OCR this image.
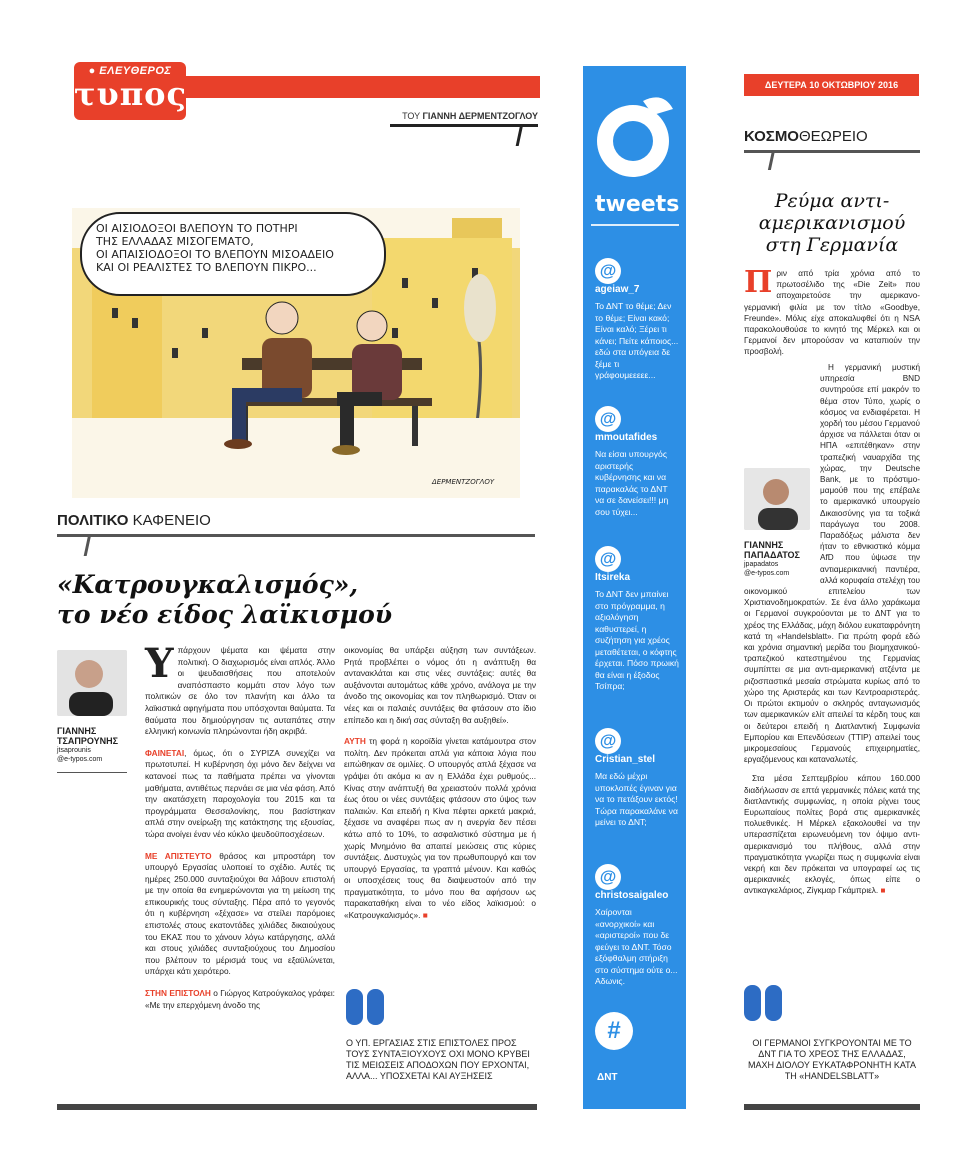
● ΕΛΕΥΘΕΡΟΣ
τυπος
ΤΟΥ ΓΙΑΝΝΗ ΔΕΡΜΕΝΤΖΟΓΛΟΥ
ΟΙ ΑΙΣΙΟΔΟΞΟΙ ΒΛΕΠΟΥΝ ΤΟ ΠΟΤΗΡΙ
ΤΗΣ ΕΛΛΑΔΑΣ ΜΙΣΟΓΕΜΑΤΟ,
ΟΙ ΑΠΑΙΣΙΟΔΟΞΟΙ ΤΟ ΒΛΕΠΟΥΝ ΜΙΣΟΑΔΕΙΟ
ΚΑΙ ΟΙ ΡΕΑΛΙΣΤΕΣ ΤΟ ΒΛΕΠΟΥΝ ΠΙΚΡΟ...
ΔΕΡΜΕΝΤΖΟΓΛΟΥ
ΠΟΛΙΤΙΚΟ ΚΑΦΕΝΕΙΟ
«Κατρουγκαλισμός»,
το νέο είδος λαϊκισμού
ΓΙΑΝΝΗΣ
ΤΣΑΠΡΟΥΝΗΣ
jtsaprounis
@e-typos.com
Υ πάρχουν ψέματα και ψέματα στην πολιτική. Ο διαχωρισμός είναι απλός. Άλλο οι ψευδαισθήσεις που αποτελούν αναπόσπαστο κομμάτι στον λόγο των πολιτικών σε όλο τον πλανήτη και άλλο τα λαϊκιστικά αφηγήματα που υπόσχονται θαύματα. Τα θαύματα που δημιούργησαν τις αυταπάτες στην ελληνική κοινωνία πληρώνονται ήδη ακριβά.

ΦΑΙΝΕΤΑΙ, όμως, ότι ο ΣΥΡΙΖΑ συνεχίζει να πρωτοτυπεί. Η κυβέρνηση όχι μόνο δεν δείχνει να κατανοεί πως τα παθήματα πρέπει να γίνονται μαθήματα, αντιθέτως περνάει σε μια νέα φάση. Από την ακατάσχετη παροχολογία του 2015 και τα προγράμματα Θεσσαλονίκης, που βασίστηκαν απλά στην ονείρωξη της κατάκτησης της εξουσίας, τώρα ανοίγει έναν νέο κύκλο ψευδοϋποσχέσεων.

ΜΕ ΑΠΙΣΤΕΥΤΟ θράσος και μπροστάρη τον υπουργό Εργασίας υλοποιεί το σχέδιο. Αυτές τις ημέρες 250.000 συνταξιούχοι θα λάβουν επιστολή με την οποία θα ενημερώνονται για τη μείωση της επικουρικής τους σύνταξης. Πέρα από το γεγονός ότι η κυβέρνηση «ξέχασε» να στείλει παρόμοιες επιστολές στους εκατοντάδες χιλιάδες δικαιούχους του ΕΚΑΣ που το χάνουν λόγω κατάργησης, αλλά και στους χιλιάδες συνταξιούχους του Δημοσίου που βλέπουν το μέρισμά τους να εξαϋλώνεται, υπάρχει κάτι χειρότερο.

ΣΤΗΝ ΕΠΙΣΤΟΛΗ ο Γιώργος Κατρούγκαλος γράφει: «Με την επερχόμενη άνοδο της

οικονομίας θα υπάρξει αύξηση των συντάξεων. Ρητά προβλέπει ο νόμος ότι η ανάπτυξη θα αντανακλάται και στις νέες συντάξεις: αυτές θα αυξάνονται αυτομάτως κάθε χρόνο, ανάλογα με την άνοδο της οικονομίας και τον πληθωρισμό. Όταν οι νέες και οι παλαιές συντάξεις θα φτάσουν στο ίδιο επίπεδο και η δική σας σύνταξη θα αυξηθεί».

ΑΥΤΗ τη φορά η κοροϊδία γίνεται κατάμουτρα στον πολίτη. Δεν πρόκειται απλά για κάποια λόγια που ειπώθηκαν σε ομιλίες. Ο υπουργός απλά ξέχασε να γράψει ότι ακόμα κι αν η Ελλάδα έχει ρυθμούς... Κίνας στην ανάπτυξή θα χρειαστούν πολλά χρόνια έως ότου οι νέες συντάξεις φτάσουν στο ύψος των παλαιών. Και επειδή η Κίνα πέφτει αρκετά μακριά, ξέχασε να αναφέρει πως αν η ανεργία δεν πέσει κάτω από το 10%, το ασφαλιστικό σύστημα με ή χωρίς Μνημόνιο θα απαιτεί μειώσεις στις κύριες συντάξεις. Δυστυχώς για τον πρωθυπουργό και τον υπουργό Εργασίας, τα γραπτά μένουν. Και καθώς οι υποσχέσεις τους θα διαψευστούν από την πραγματικότητα, το μόνο που θα αφήσουν ως παρακαταθήκη είναι το νέο είδος λαϊκισμού: ο «Κατρουγκαλισμός». ■

Ο ΥΠ. ΕΡΓΑΣΙΑΣ ΣΤΙΣ ΕΠΙΣΤΟΛΕΣ ΠΡΟΣ ΤΟΥΣ ΣΥΝΤΑΞΙΟΥΧΟΥΣ ΟΧΙ ΜΟΝΟ ΚΡΥΒΕΙ ΤΙΣ ΜΕΙΩΣΕΙΣ ΑΠΟΔΟΧΩΝ ΠΟΥ ΕΡΧΟΝΤΑΙ, ΑΛΛΑ... ΥΠΟΣΧΕΤΑΙ ΚΑΙ ΑΥΞΗΣΕΙΣ
tweets
@
ageiaw_7
Το ΔΝΤ το θέμε; Δεν το θέμε; Είναι κακό; Είναι καλό; Ξέρει τι κάνει; Πείτε κάποιος... εδώ στα υπόγεια δε ξέμε τι γράφουμεεεεε...
@
mmoutafides
Να είσαι υπουργός αριστερής κυβέρνησης και να παρακαλάς το ΔΝΤ να σε δανείσει!!! μη σου τύχει...
@
Itsireka
Το ΔΝΤ δεν μπαίνει στο πρόγραμμα, η αξιολόγηση καθυστερεί, η συζήτηση για χρέος μεταθέτεται, ο κόφτης έρχεται. Πόσο πρωική θα είναι η έξοδος Τσίπρα;
@
Cristian_stel
Μα εδώ μέχρι υποκλοπές έγιναν για να το πετάξουν εκτός! Τώρα παρακαλάνε να μείνει το ΔΝΤ;
@
christosaigaleo
Χαίρονται «ανορχικοί» και «αριστεροί» που δε φεύγει το ΔΝΤ. Τόσο εξόφθαλμη στήριξη στο σύστημα ούτε ο... Αδωνις.
#
ΔΝΤ
ΔΕΥΤΕΡΑ 10 ΟΚΤΩΒΡΙΟΥ 2016
ΚΟΣΜΟΘΕΩΡΕΙΟ
Ρεύμα αντι-
αμερικανισμού
στη Γερμανία
Π ριν από τρία χρόνια από το πρωτοσέλιδο της «Die Zeit» που αποχαιρετούσε την αμερικανο-γερμανική φιλία με τον τίτλο «Goodbye, Freunde». Μόλις είχε αποκαλυφθεί ότι η NSA παρακολουθούσε το κινητό της Μέρκελ και οι Γερμανοί δεν μπορούσαν να καταπιούν την προσβολή.

ΓΙΑΝΝΗΣ
ΠΑΠΑΔΑΤΟΣ
jpapadatos
@e-typos.com

Η γερμανική μυστική υπηρεσία BND συντηρούσε επί μακρόν το θέμα στον Τύπο, χωρίς ο κόσμος να ενδιαφέρεται. Η χορδή του μέσου Γερμανού άρχισε να πάλλεται όταν οι ΗΠΑ «επιτέθηκαν» στην τραπεζική ναυαρχίδα της χώρας, την Deutsche Bank, με το πρόστιμο-μαμούθ που της επέβαλε το αμερικανικό υπουργείο Δικαιοσύνης για τα τοξικά παράγωγα του 2008. Παραδόξως μάλιστα δεν ήταν το εθνικιστικό κόμμα AfD που ύψωσε την αντιαμερικανική παντιέρα, αλλά κορυφαία στελέχη του οικονομικού επιτελείου των Χριστιανοδημοκρατών. Σε ένα άλλο χαράκωμα οι Γερμανοί συγκρούονται με το ΔΝΤ για το χρέος της Ελλάδας, μάχη διόλου ευκαταφρόνητη κατά τη «Handelsblatt». Για πρώτη φορά εδώ και χρόνια σημαντική μερίδα του βιομηχανικού-τραπεζικού κατεστημένου της Γερμανίας συμπίπτει σε μια αντι-αμερικανική ατζέντα με ριζοσπαστικά μεσαία στρώματα κυρίως από το χώρο της Αριστεράς και των Κεντροαριστεράς. Οι πρώτοι εκτιμούν ο σκληρός ανταγωνισμός των αμερικανικών ελίτ απειλεί τα κέρδη τους και οι δεύτεροι επειδή η Διατλαντική Συμφωνία Εμπορίου και Επενδύσεων (TTIP) απειλεί τους μικρομεσαίους Γερμανούς επιχειρηματίες, εργαζόμενους και καταναλωτές.

Στα μέσα Σεπτεμβρίου κάπου 160.000 διαδήλωσαν σε επτά γερμανικές πόλεις κατά της διατλαντικής συμφωνίας, η οποία ρίχνει τους Ευρωπαίους πολίτες βορά στις αμερικανικές πολυεθνικές. Η Μέρκελ εξακολουθεί να την υπερασπίζεται ειρωνευόμενη τον όψιμο αντι-αμερικανισμό του πλήθους, αλλά στην πραγματικότητα γνωρίζει πως η συμφωνία είναι νεκρή και δεν πρόκειται να υπογραφεί ως τις αμερικανικές εκλογές, όπως είπε ο αντικαγκελάριος, Ζίγκμαρ Γκάμπριελ. ■

ΟΙ ΓΕΡΜΑΝΟΙ ΣΥΓΚΡΟΥΟΝΤΑΙ ΜΕ ΤΟ ΔΝΤ ΓΙΑ ΤΟ ΧΡΕΟΣ ΤΗΣ ΕΛΛΑΔΑΣ, ΜΑΧΗ ΔΙΟΛΟΥ ΕΥΚΑΤΑΦΡΟΝΗΤΗ ΚΑΤΑ ΤΗ «HANDELSBLATT»
